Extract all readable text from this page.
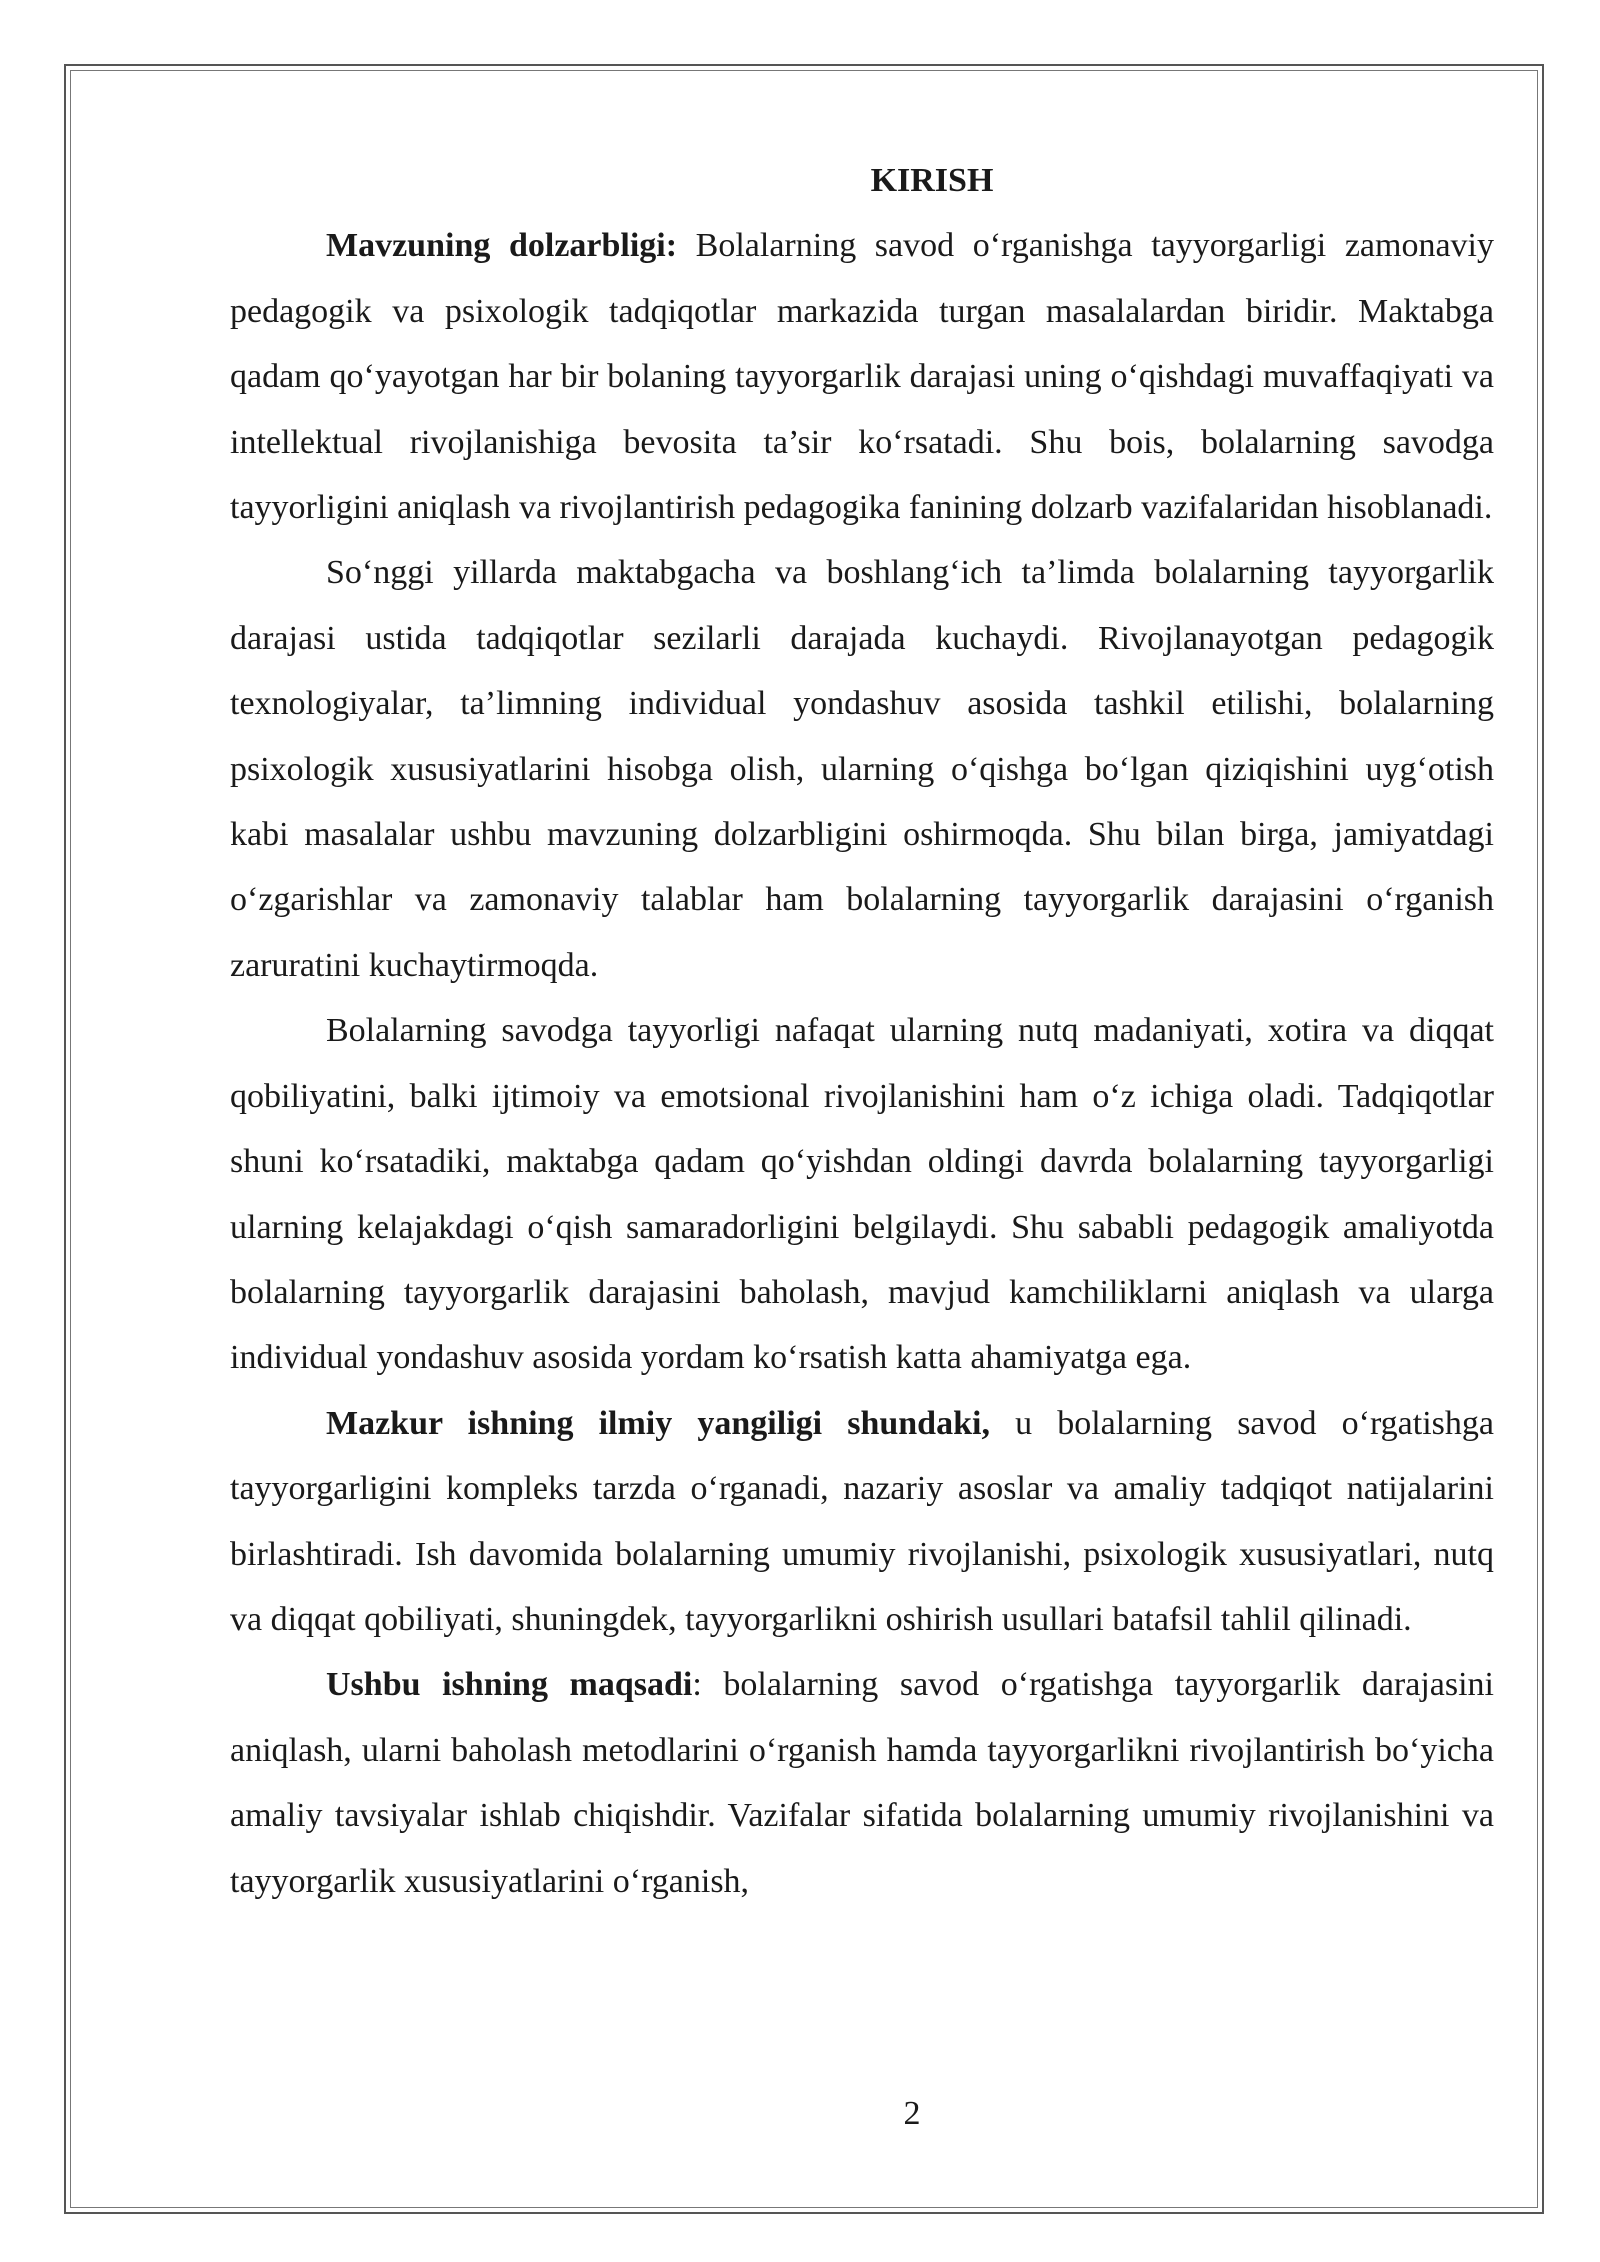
KIRISH

Mavzuning dolzarbligi: Bolalarning savod o‘rganishga tayyorgarligi zamonaviy pedagogik va psixologik tadqiqotlar markazida turgan masalalardan biridir. Maktabga qadam qo‘yayotgan har bir bolaning tayyorgarlik darajasi uning o‘qishdagi muvaffaqiyati va intellektual rivojlanishiga bevosita ta’sir ko‘rsatadi. Shu bois, bolalarning savodga tayyorligini aniqlash va rivojlantirish pedagogika fanining dolzarb vazifalaridan hisoblanadi.

So‘nggi yillarda maktabgacha va boshlang‘ich ta’limda bolalarning tayyorgarlik darajasi ustida tadqiqotlar sezilarli darajada kuchaydi. Rivojlanayotgan pedagogik texnologiyalar, ta’limning individual yondashuv asosida tashkil etilishi, bolalarning psixologik xususiyatlarini hisobga olish, ularning o‘qishga bo‘lgan qiziqishini uyg‘otish kabi masalalar ushbu mavzuning dolzarbligini oshirmoqda. Shu bilan birga, jamiyatdagi o‘zgarishlar va zamonaviy talablar ham bolalarning tayyorgarlik darajasini o‘rganish zaruratini kuchaytirmoqda.

Bolalarning savodga tayyorligi nafaqat ularning nutq madaniyati, xotira va diqqat qobiliyatini, balki ijtimoiy va emotsional rivojlanishini ham o‘z ichiga oladi. Tadqiqotlar shuni ko‘rsatadiki, maktabga qadam qo‘yishdan oldingi davrda bolalarning tayyorgarligi ularning kelajakdagi o‘qish samaradorligini belgilaydi. Shu sababli pedagogik amaliyotda bolalarning tayyorgarlik darajasini baholash, mavjud kamchiliklarni aniqlash va ularga individual yondashuv asosida yordam ko‘rsatish katta ahamiyatga ega.

Mazkur ishning ilmiy yangiligi shundaki, u bolalarning savod o‘rgatishga tayyorgarligini kompleks tarzda o‘rganadi, nazariy asoslar va amaliy tadqiqot natijalarini birlashtiradi. Ish davomida bolalarning umumiy rivojlanishi, psixologik xususiyatlari, nutq va diqqat qobiliyati, shuningdek, tayyorgarlikni oshirish usullari batafsil tahlil qilinadi.

Ushbu ishning maqsadi: bolalarning savod o‘rgatishga tayyorgarlik darajasini aniqlash, ularni baholash metodlarini o‘rganish hamda tayyorgarlikni rivojlantirish bo‘yicha amaliy tavsiyalar ishlab chiqishdir. Vazifalar sifatida bolalarning umumiy rivojlanishini va tayyorgarlik xususiyatlarini o‘rganish,

2
